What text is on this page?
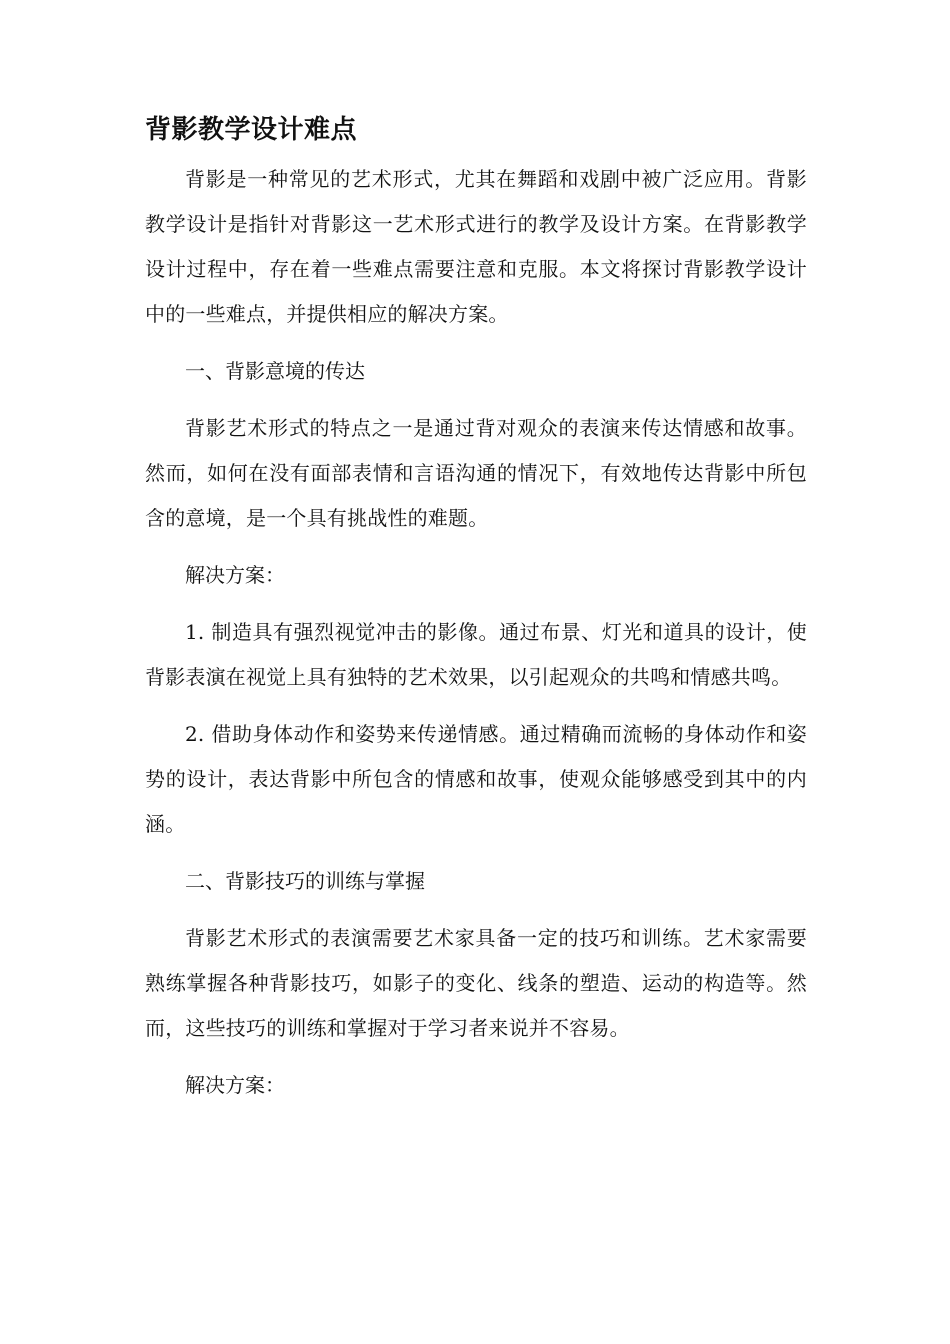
背影教学设计难点
背影是一种常见的艺术形式，尤其在舞蹈和戏剧中被广泛应用。背影教学设计是指针对背影这一艺术形式进行的教学及设计方案。在背影教学设计过程中，存在着一些难点需要注意和克服。本文将探讨背影教学设计中的一些难点，并提供相应的解决方案。
一、背影意境的传达
背影艺术形式的特点之一是通过背对观众的表演来传达情感和故事。然而，如何在没有面部表情和言语沟通的情况下，有效地传达背影中所包含的意境，是一个具有挑战性的难题。
解决方案：
1. 制造具有强烈视觉冲击的影像。通过布景、灯光和道具的设计，使背影表演在视觉上具有独特的艺术效果，以引起观众的共鸣和情感共鸣。
2. 借助身体动作和姿势来传递情感。通过精确而流畅的身体动作和姿势的设计，表达背影中所包含的情感和故事，使观众能够感受到其中的内涵。
二、背影技巧的训练与掌握
背影艺术形式的表演需要艺术家具备一定的技巧和训练。艺术家需要熟练掌握各种背影技巧，如影子的变化、线条的塑造、运动的构造等。然而，这些技巧的训练和掌握对于学习者来说并不容易。
解决方案：
